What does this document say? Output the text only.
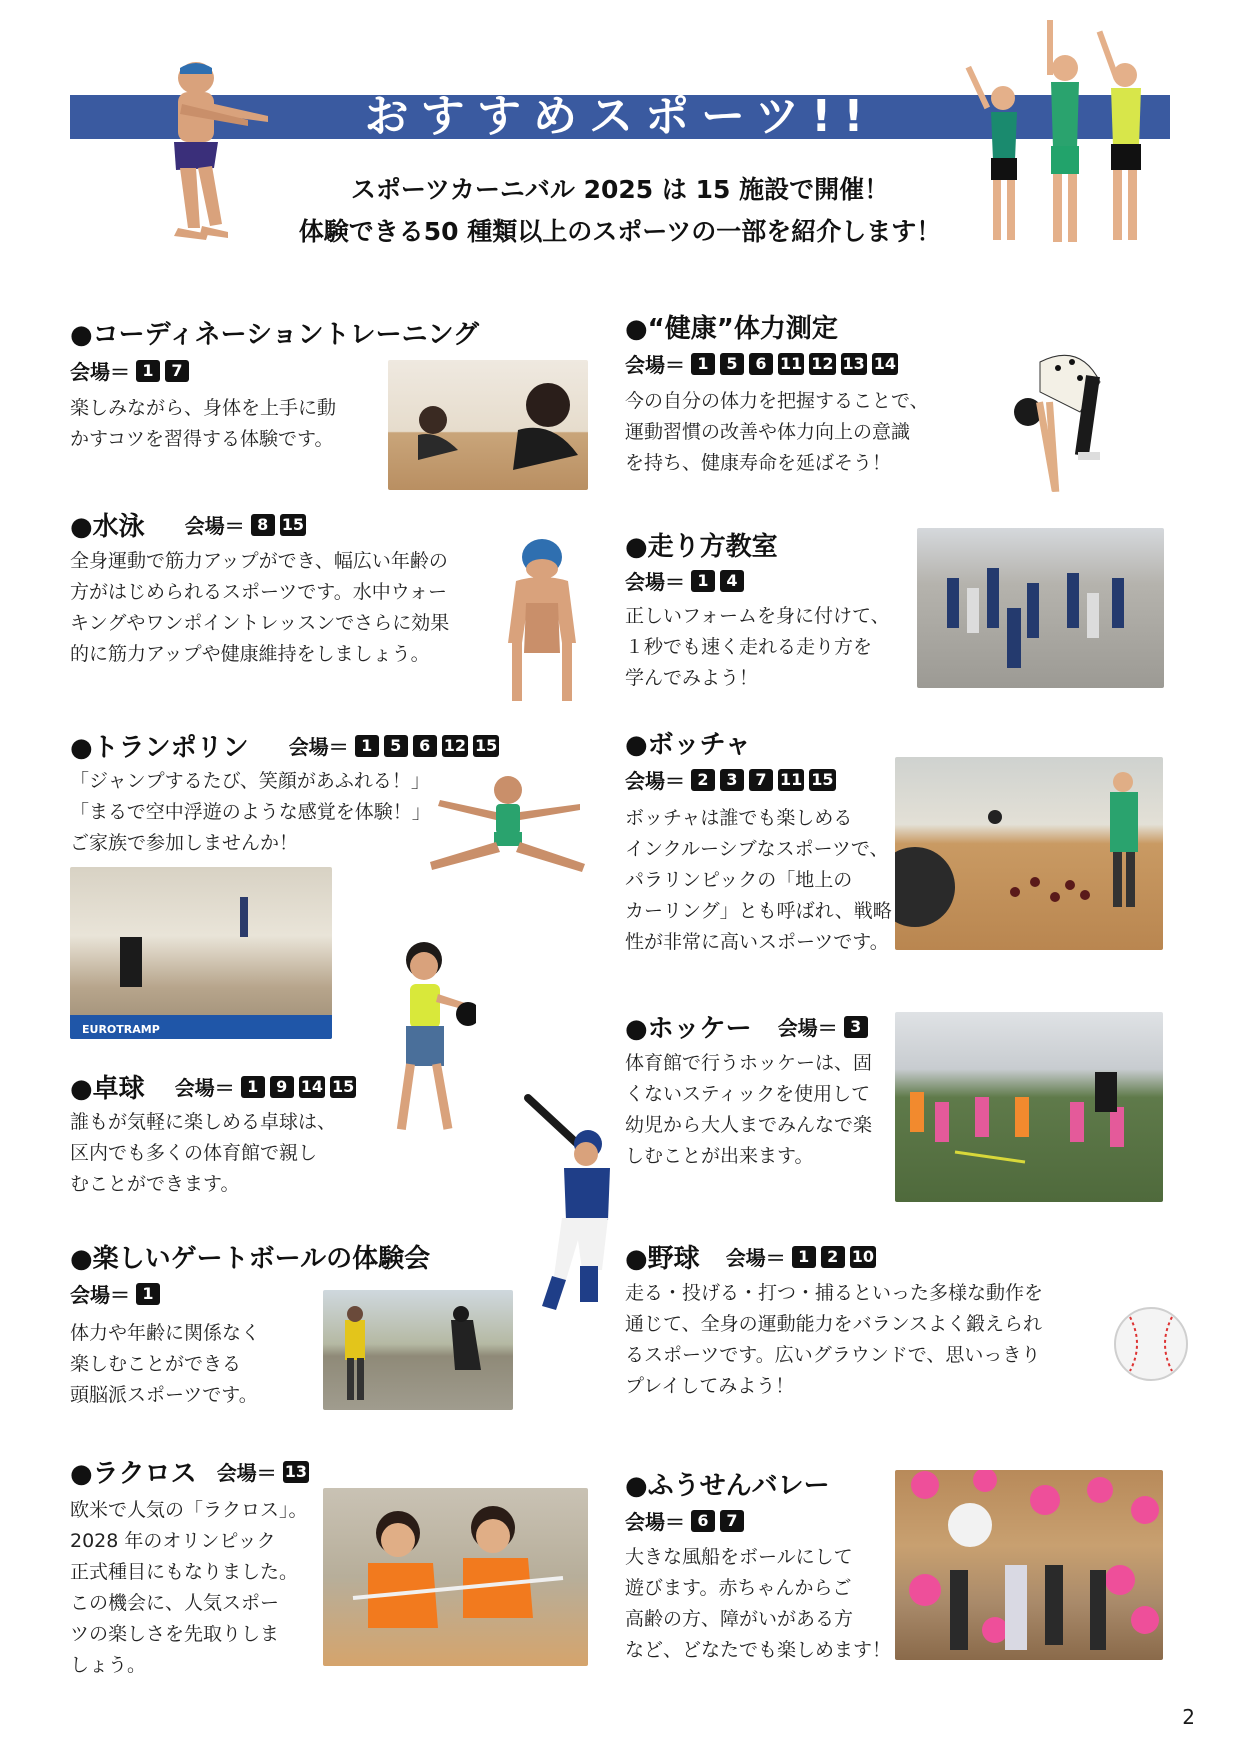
おすすめスポーツ!!
スポーツカーニバル 2025 は 15 施設で開催！
体験できる50 種類以上のスポーツの一部を紹介します！
●コーディネーショントレーニング
会場＝ 1	7
楽しみながら、身体を上手に動
かすコツを習得する体験です。
●水泳 会場＝ 8 15
全身運動で筋力アップができ、幅広い年齢の
方がはじめられるスポーツです。水中ウォー
キングやワンポイントレッスンでさらに効果
的に筋力アップや健康維持をしましょう。
●トランポリン 会場＝ 1	5	6 12 15
「ジャンプするたび、笑顔があふれる！」
「まるで空中浮遊のような感覚を体験！」
ご家族で参加しませんか！
EUROTRAMP
●卓球 会場＝ 1	9 14 15
誰もが気軽に楽しめる卓球は、
区内でも多くの体育館で親し
むことができます。
●楽しいゲートボールの体験会
会場＝ 1
体力や年齢に関係なく
楽しむことができる
頭脳派スポーツです。
●ラクロス 会場＝ 13
欧米で人気の「ラクロス」。
2028 年のオリンピック
正式種目にもなりました。
この機会に、人気スポー
ツの楽しさを先取りしま
しょう。
●“健康”体力測定
会場＝ 1	5	6 11 12 13 14
今の自分の体力を把握することで、
運動習慣の改善や体力向上の意識
を持ち、健康寿命を延ばそう！
●走り方教室
会場＝ 1	4
正しいフォームを身に付けて、
１秒でも速く走れる走り方を
学んでみよう！
●ボッチャ
会場＝ 2	3	7 11 15
ボッチャは誰でも楽しめる
インクルーシブなスポーツで、
パラリンピックの「地上の
カーリング」とも呼ばれ、戦略
性が非常に高いスポーツです。
●ホッケー 会場＝ 3
体育館で行うホッケーは、固
くないスティックを使用して
幼児から大人までみんなで楽
しむことが出来ます。
●野球 会場＝ 1	2 10
走る・投げる・打つ・捕るといった多様な動作を
通じて、全身の運動能力をバランスよく鍛えられ
るスポーツです。広いグラウンドで、思いっきり
プレイしてみよう！
●ふうせんバレー
会場＝ 6	7
大きな風船をボールにして
遊びます。赤ちゃんからご
高齢の方、障がいがある方
など、どなたでも楽しめます！
2
